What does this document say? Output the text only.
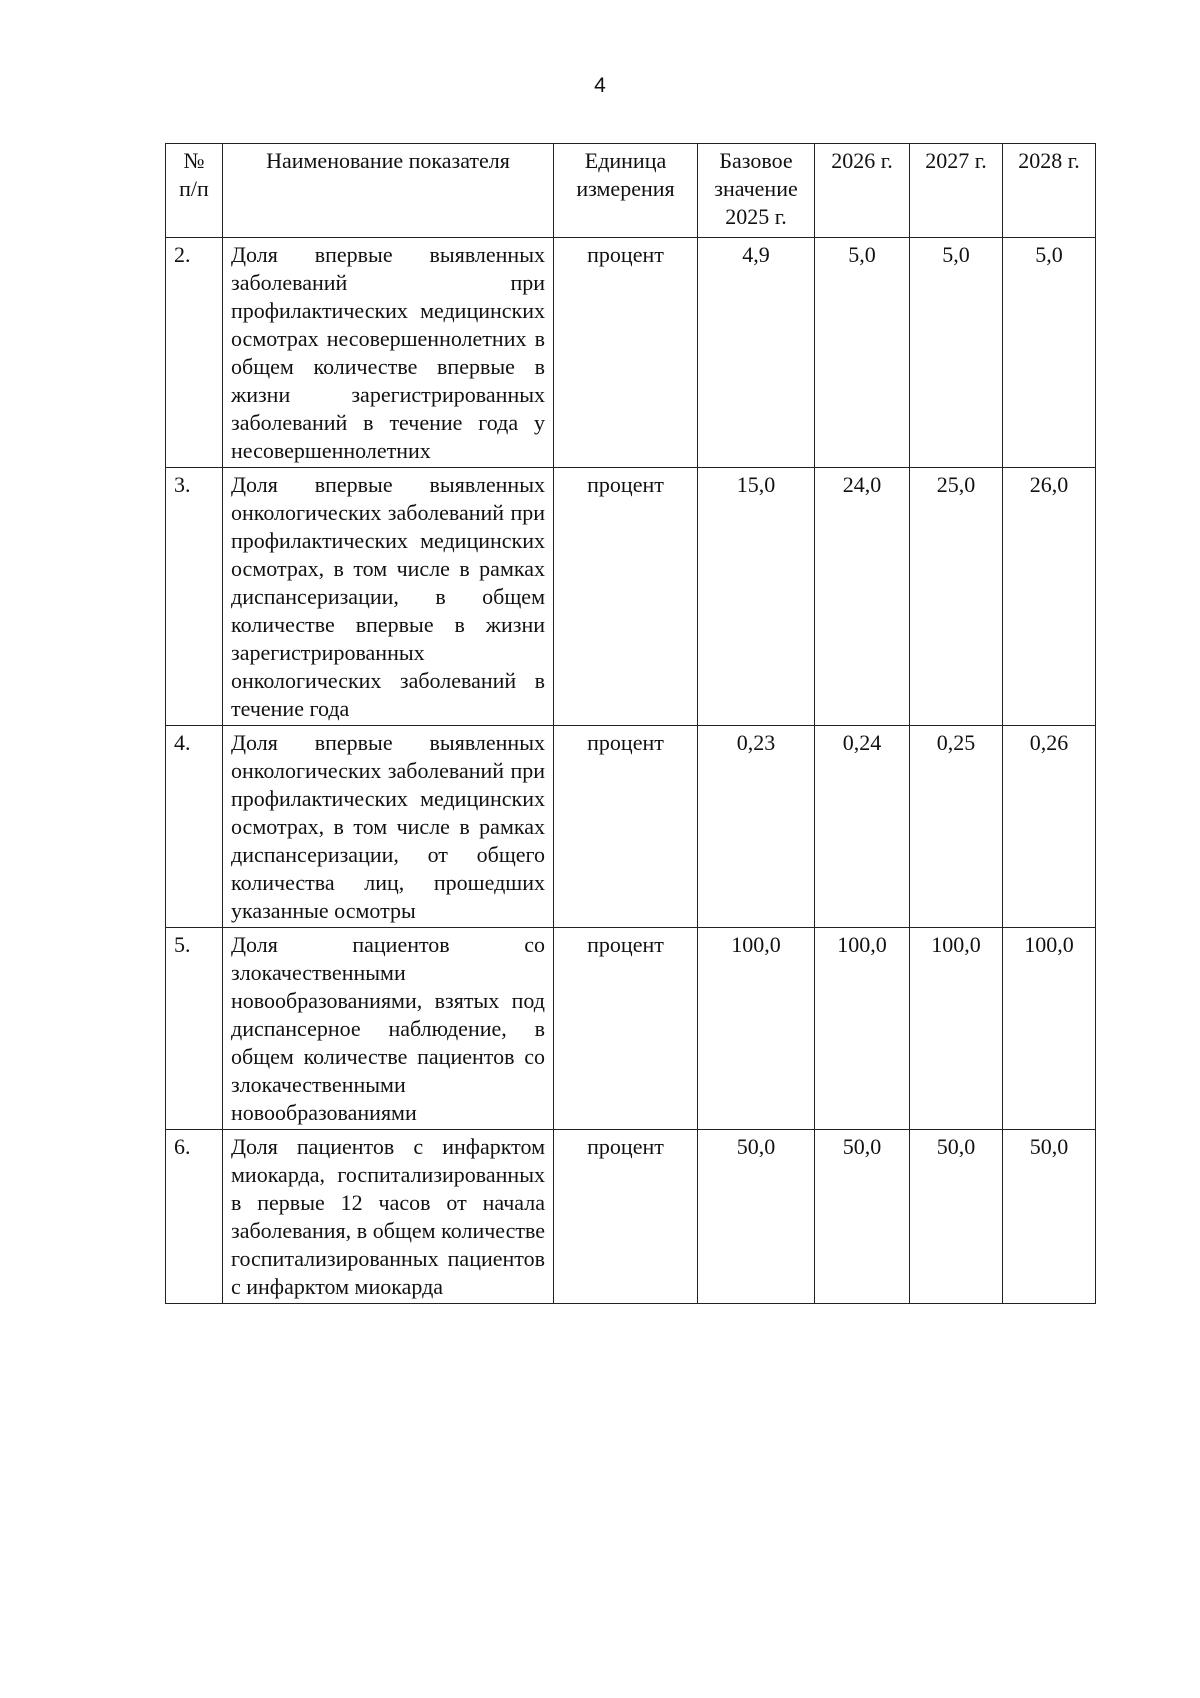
4
№ п/п	Наименование показателя	Единица измерения	Базовое значение 2025 г.	2026 г.	2027 г.	2028 г.
2.	Доля впервые выявленных заболеваний при профилактических медицинских осмотрах несовершеннолетних в общем количестве впервые в жизни зарегистрированных заболеваний в течение года у несовершеннолетних	процент	4,9	5,0	5,0	5,0
3.	Доля впервые выявленных онкологических заболеваний при профилактических медицинских осмотрах, в том числе в рамках диспансеризации, в общем количестве впервые в жизни зарегистрированных онкологических заболеваний в течение года	процент	15,0	24,0	25,0	26,0
4.	Доля впервые выявленных онкологических заболеваний при профилактических медицинских осмотрах, в том числе в рамках диспансеризации, от общего количества лиц, прошедших указанные осмотры	процент	0,23	0,24	0,25	0,26
5.	Доля пациентов со злокачественными новообразованиями, взятых под диспансерное наблюдение, в общем количестве пациентов со злокачественными новообразованиями	процент	100,0	100,0	100,0	100,0
6.	Доля пациентов с инфарктом миокарда, госпитализированных в первые 12 часов от начала заболевания, в общем количестве госпитализированных пациентов с инфарктом миокарда	процент	50,0	50,0	50,0	50,0
